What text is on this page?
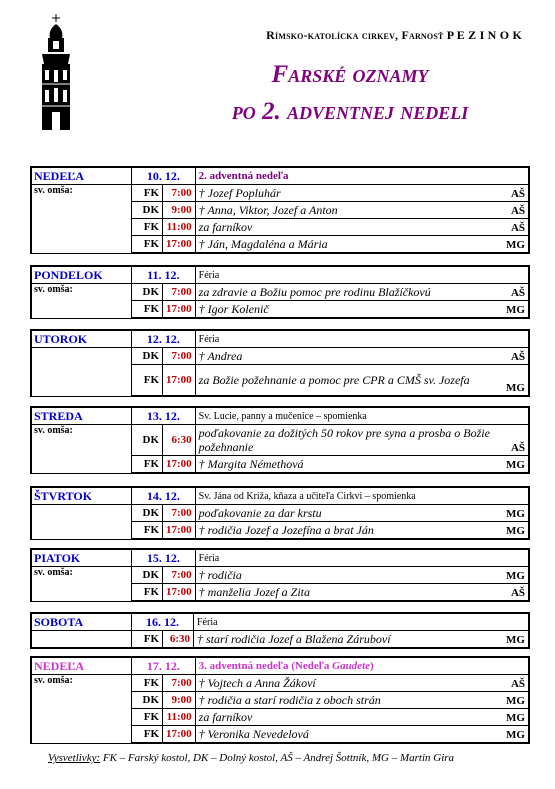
Rímsko-katolícka cirkev, Farnosť P E Z I N O K
Farské oznamy
po 2. adventnej nedeli
NEDEĽA	10. 12.		2. adventná nedeľa
sv. omša:	FK	7:00	† Jozef Popluhár AŠ

	DK	9:00	† Anna, Viktor, Jozef a Anton AŠ

	FK	11:00	za farníkov AŠ

	FK	17:00	† Ján, Magdaléna a Mária MG
PONDELOK	11. 12.		Féria
sv. omša:	DK	7:00	za zdravie a Božiu pomoc pre rodinu Blažíčkovú AŠ

	FK	17:00	† Igor Kolenič MG
UTOROK	12. 12.		Féria
	DK	7:00	† Andrea AŠ

	FK	17:00	za Božie požehnanie a pomoc pre CPR a CMŠ sv. Jozefa
MG
STREDA	13. 12.		Sv. Lucie, panny a mučenice – spomienka
sv. omša:	DK	6:30	poďakovanie za dožitých 50 rokov pre syna a prosba o Božie požehnanie AŠ

	FK	17:00	† Margita Némethová MG
ŠTVRTOK	14. 12.		Sv. Jána od Kríža, kňaza a učiteľa Cirkvi – spomienka
	DK	7:00	poďakovanie za dar krstu MG

	FK	17:00	† rodičia Jozef a Jozefína a brat Ján MG
PIATOK	15. 12.		Féria
sv. omša:	DK	7:00	† rodičia MG

	FK	17:00	† manželia Jozef a Zita AŠ
SOBOTA	16. 12.		Féria
	FK	6:30	† starí rodičia Jozef a Blažena Záruboví MG
NEDEĽA	17. 12.		3. adventná nedeľa (Nedeľa Gaudete)
sv. omša:	FK	7:00	† Vojtech a Anna Žákoví AŠ

	DK	9:00	† rodičia a starí rodičia z oboch strán MG

	FK	11:00	za farníkov MG

	FK	17:00	† Veronika Nevedelová MG
Vysvetlivky: FK – Farský kostol, DK – Dolný kostol, AŠ – Andrej Šottník, MG – Martin Gira
